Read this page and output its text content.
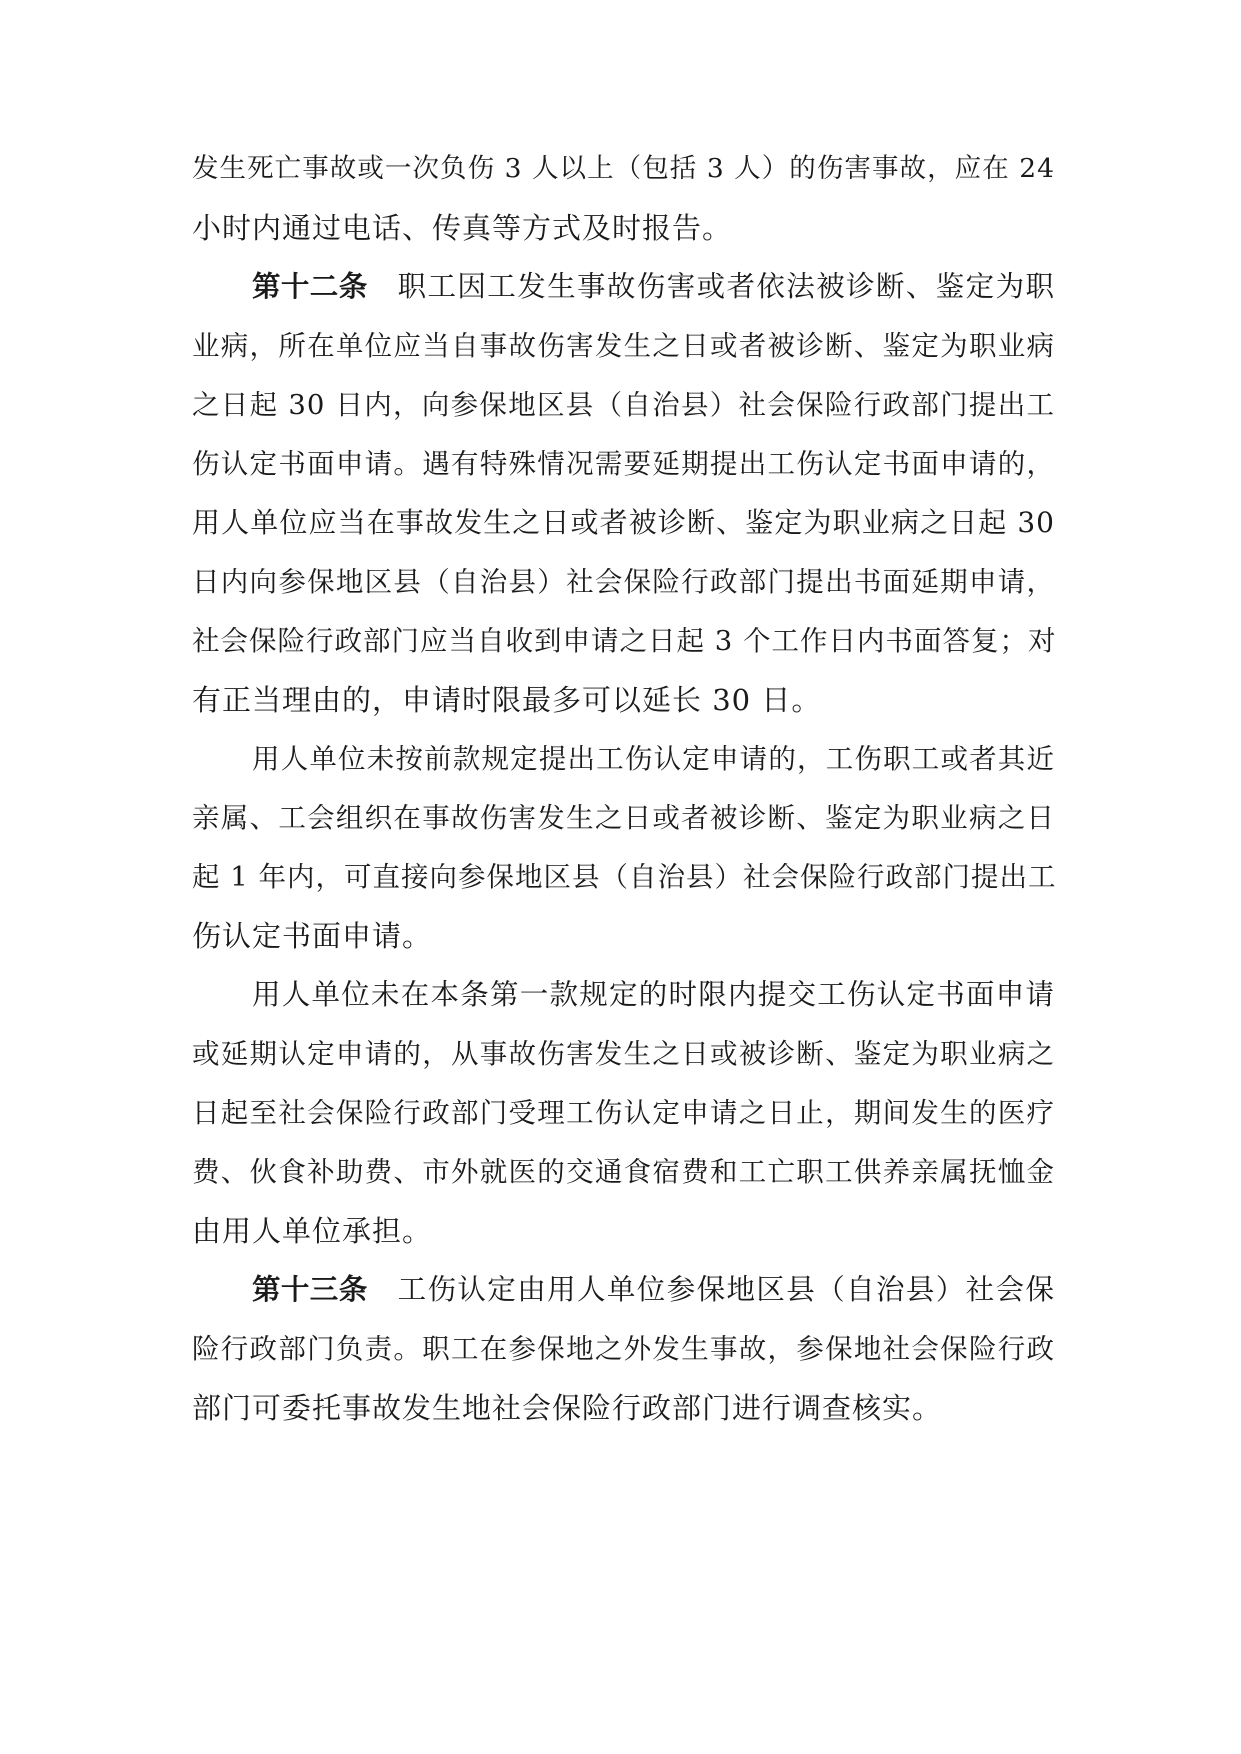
发生死亡事故或一次负伤 3 人以上（包括 3 人）的伤害事故，应在 24
小时内通过电话、传真等方式及时报告。
第十二条 职工因工发生事故伤害或者依法被诊断、鉴定为职
业病，所在单位应当自事故伤害发生之日或者被诊断、鉴定为职业病
之日起 30 日内，向参保地区县（自治县）社会保险行政部门提出工
伤认定书面申请。遇有特殊情况需要延期提出工伤认定书面申请的，
用人单位应当在事故发生之日或者被诊断、鉴定为职业病之日起 30
日内向参保地区县（自治县）社会保险行政部门提出书面延期申请，
社会保险行政部门应当自收到申请之日起 3 个工作日内书面答复；对
有正当理由的，申请时限最多可以延长 30 日。
用人单位未按前款规定提出工伤认定申请的，工伤职工或者其近
亲属、工会组织在事故伤害发生之日或者被诊断、鉴定为职业病之日
起 1 年内，可直接向参保地区县（自治县）社会保险行政部门提出工
伤认定书面申请。
用人单位未在本条第一款规定的时限内提交工伤认定书面申请
或延期认定申请的，从事故伤害发生之日或被诊断、鉴定为职业病之
日起至社会保险行政部门受理工伤认定申请之日止，期间发生的医疗
费、伙食补助费、市外就医的交通食宿费和工亡职工供养亲属抚恤金
由用人单位承担。
第十三条 工伤认定由用人单位参保地区县（自治县）社会保
险行政部门负责。职工在参保地之外发生事故，参保地社会保险行政
部门可委托事故发生地社会保险行政部门进行调查核实。
